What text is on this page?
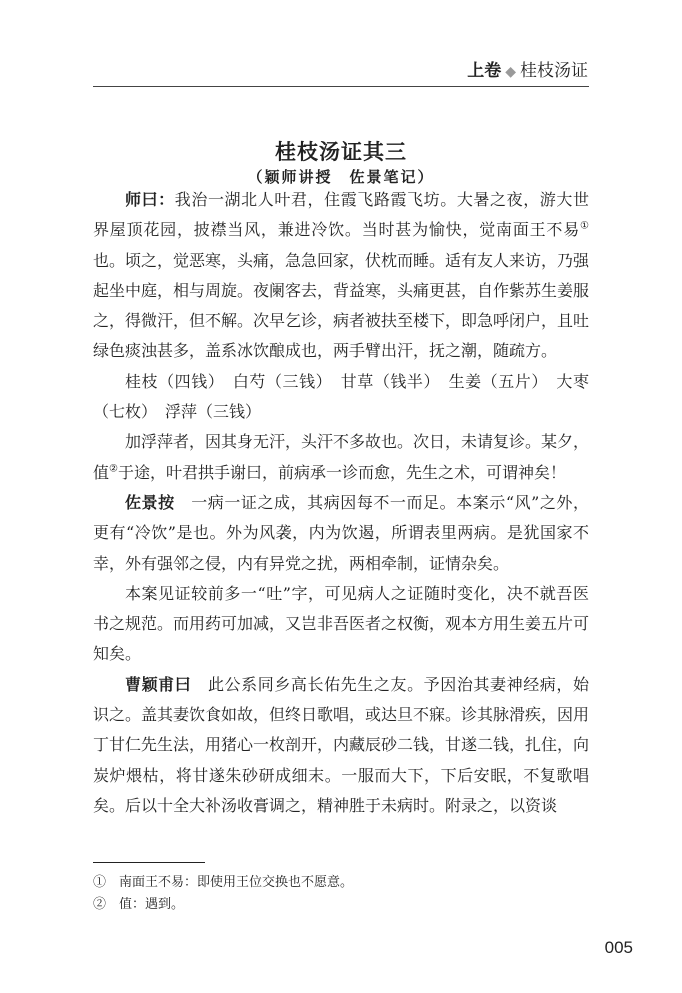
上卷 ◆ 桂枝汤证
桂枝汤证其三
（颖师讲授　佐景笔记）

师曰：我治一湖北人叶君，住霞飞路霞飞坊。大暑之夜，游大世界屋顶花园，披襟当风，兼进冷饮。当时甚为愉快，觉南面王不易①也。顷之，觉恶寒，头痛，急急回家，伏枕而睡。适有友人来访，乃强起坐中庭，相与周旋。夜阑客去，背益寒，头痛更甚，自作紫苏生姜服之，得微汗，但不解。次早乞诊，病者被扶至楼下，即急呼闭户，且吐绿色痰浊甚多，盖系冰饮酿成也，两手臂出汗，抚之潮，随疏方。

桂枝（四钱）　白芍（三钱）　甘草（钱半）　生姜（五片）　大枣（七枚）　浮萍（三钱）

加浮萍者，因其身无汗，头汗不多故也。次日，未请复诊。某夕，值②于途，叶君拱手谢曰，前病承一诊而愈，先生之术，可谓神矣！

佐景按　一病一证之成，其病因每不一而足。本案示“风”之外，更有“冷饮”是也。外为风袭，内为饮遏，所谓表里两病。是犹国家不幸，外有强邻之侵，内有异党之扰，两相牵制，证情杂矣。

本案见证较前多一“吐”字，可见病人之证随时变化，决不就吾医书之规范。而用药可加减，又岂非吾医者之权衡，观本方用生姜五片可知矣。

曹颖甫曰　此公系同乡高长佑先生之友。予因治其妻神经病，始识之。盖其妻饮食如故，但终日歌唱，或达旦不寐。诊其脉滑疾，因用丁甘仁先生法，用猪心一枚剖开，内藏辰砂二钱，甘遂二钱，扎住，向炭炉煨枯，将甘遂朱砂研成细末。一服而大下，下后安眠，不复歌唱矣。后以十全大补汤收膏调之，精神胜于未病时。附录之，以资谈

①　南面王不易：即使用王位交换也不愿意。
②　值：遇到。
005
